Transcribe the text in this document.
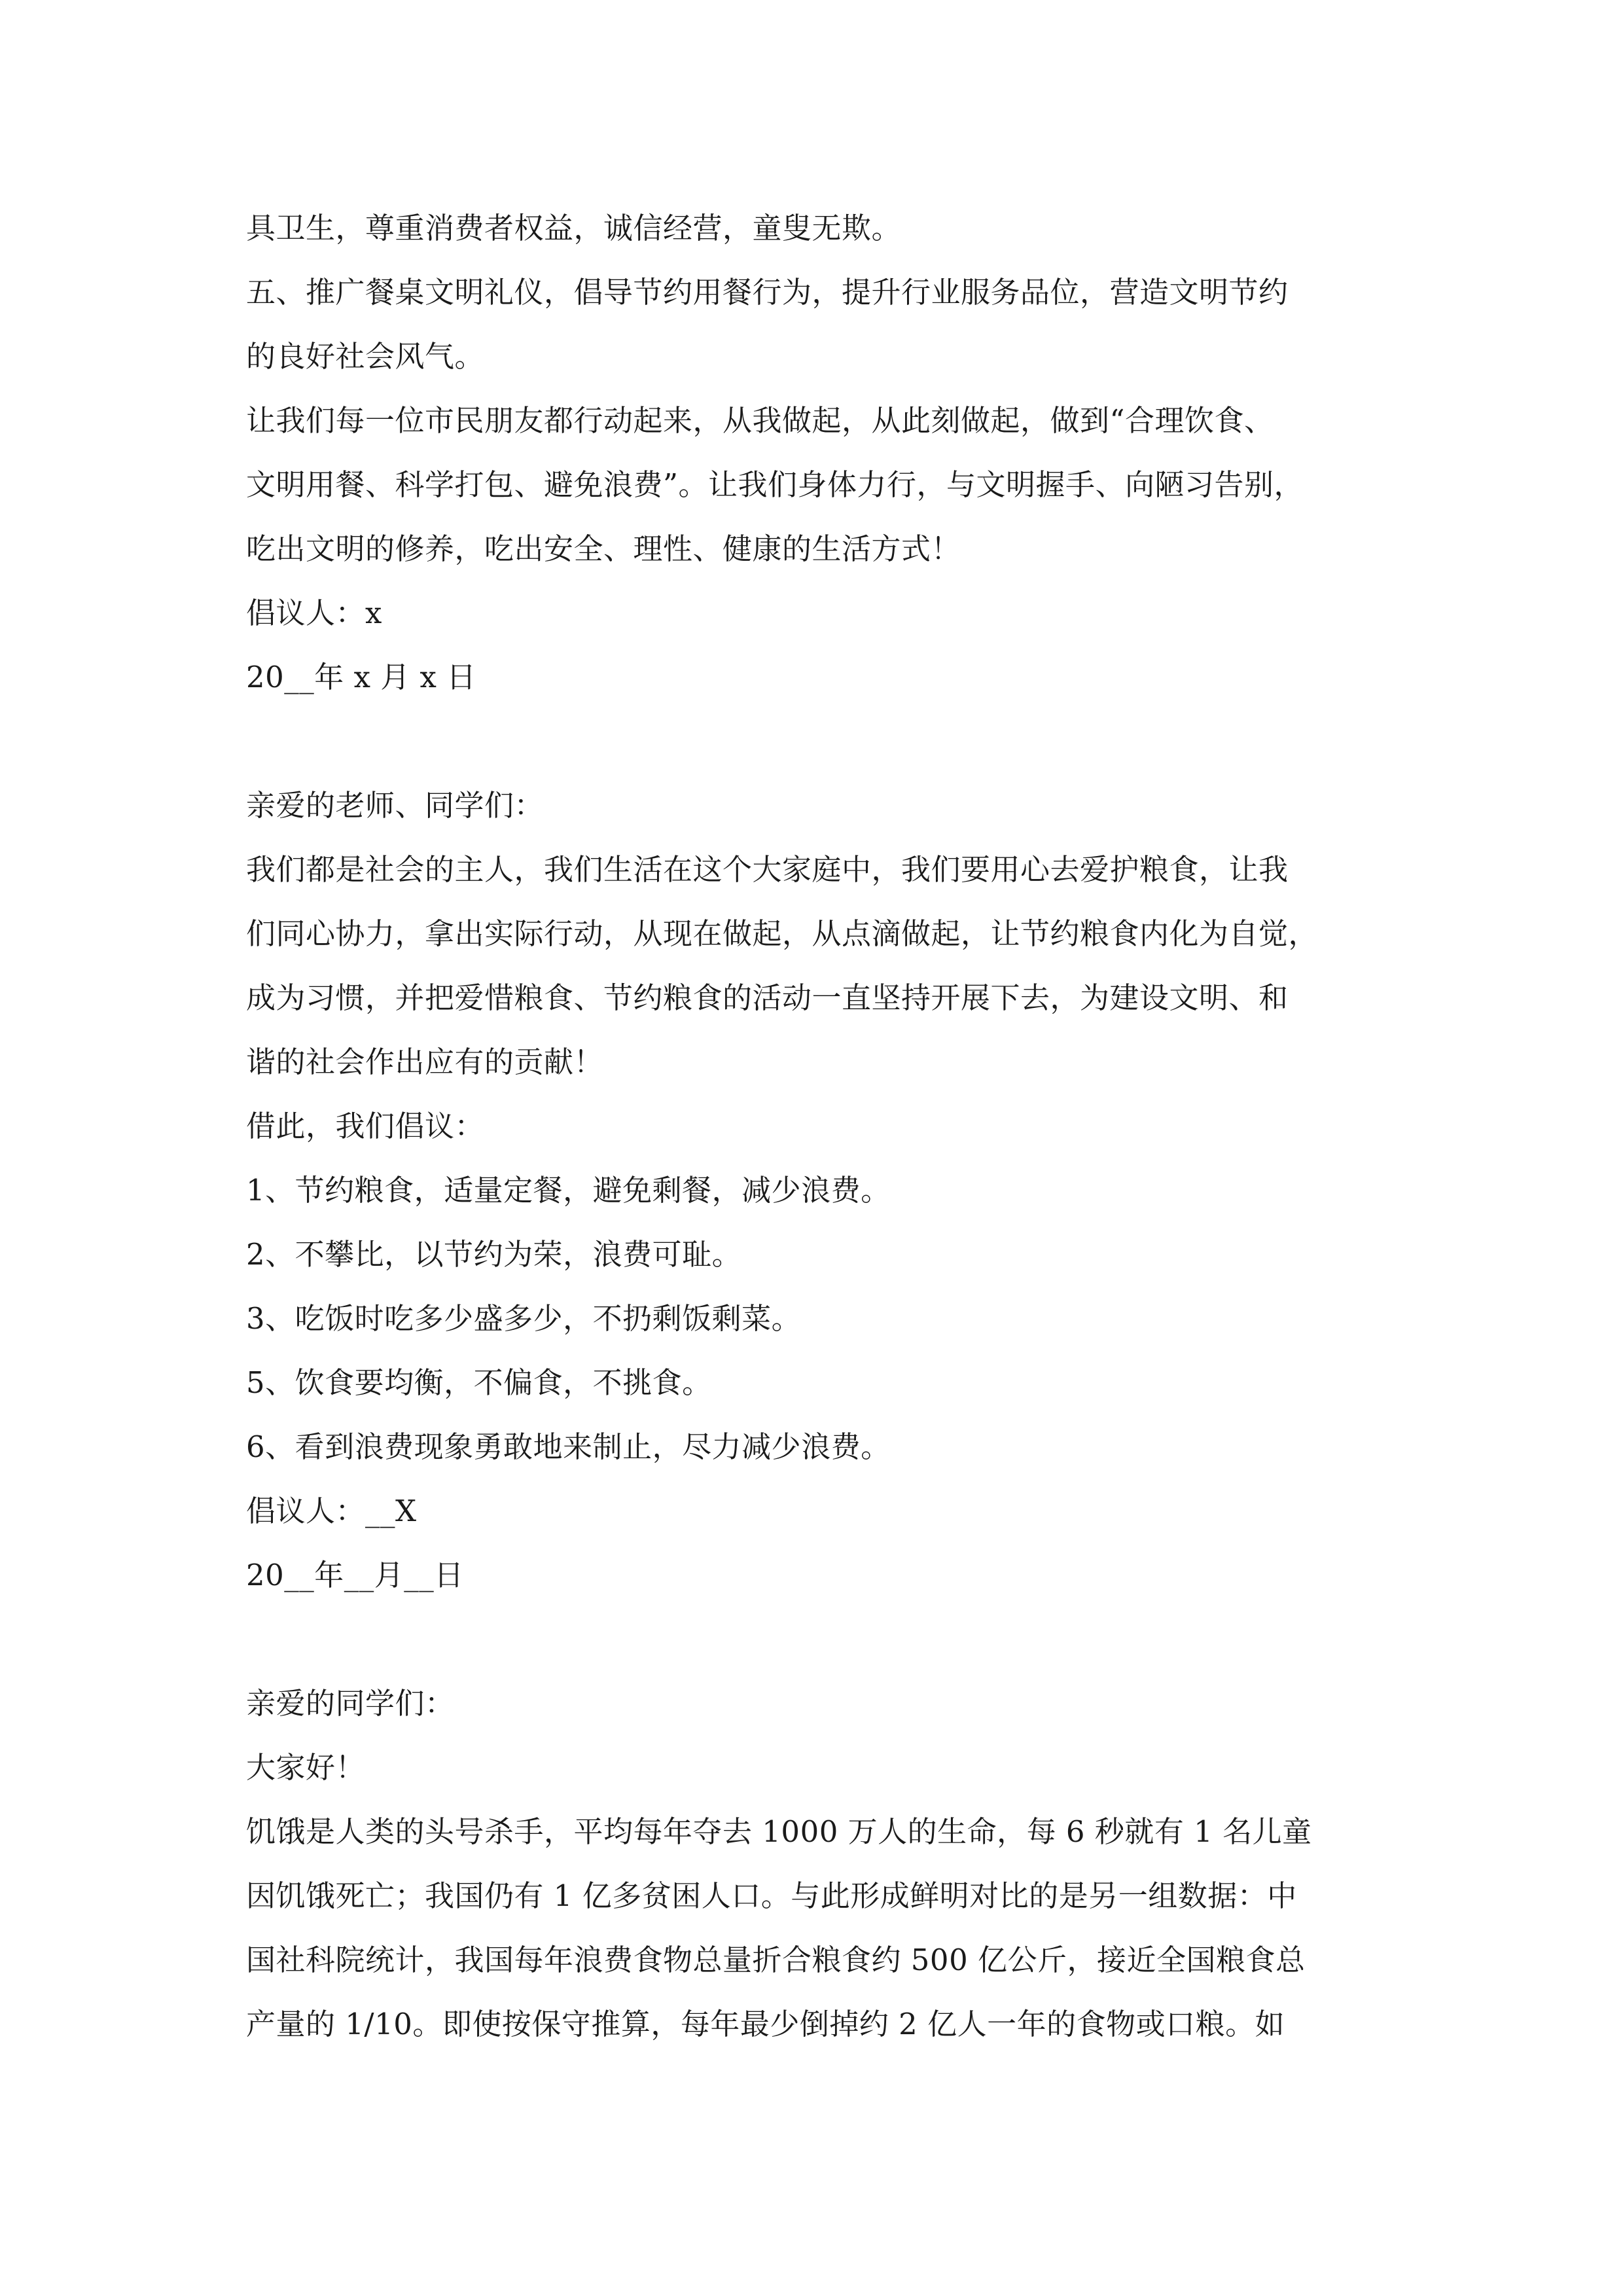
具卫生，尊重消费者权益，诚信经营，童叟无欺。
五、推广餐桌文明礼仪，倡导节约用餐行为，提升行业服务品位，营造文明节约
的良好社会风气。
让我们每一位市民朋友都行动起来，从我做起，从此刻做起，做到“合理饮食、
文明用餐、科学打包、避免浪费”。让我们身体力行，与文明握手、向陋习告别，
吃出文明的修养，吃出安全、理性、健康的生活方式！
倡议人：x
20__年 x 月 x 日
亲爱的老师、同学们：
我们都是社会的主人，我们生活在这个大家庭中，我们要用心去爱护粮食，让我
们同心协力，拿出实际行动，从现在做起，从点滴做起，让节约粮食内化为自觉，
成为习惯，并把爱惜粮食、节约粮食的活动一直坚持开展下去，为建设文明、和
谐的社会作出应有的贡献！
借此，我们倡议：
1、节约粮食，适量定餐，避免剩餐，减少浪费。
2、不攀比，以节约为荣，浪费可耻。
3、吃饭时吃多少盛多少，不扔剩饭剩菜。
5、饮食要均衡，不偏食，不挑食。
6、看到浪费现象勇敢地来制止，尽力减少浪费。
倡议人：__X
20__年__月__日
亲爱的同学们：
大家好！
饥饿是人类的头号杀手，平均每年夺去 1000 万人的生命，每 6 秒就有 1 名儿童
因饥饿死亡；我国仍有 1 亿多贫困人口。与此形成鲜明对比的是另一组数据：中
国社科院统计，我国每年浪费食物总量折合粮食约 500 亿公斤，接近全国粮食总
产量的 1/10。即使按保守推算，每年最少倒掉约 2 亿人一年的食物或口粮。如
